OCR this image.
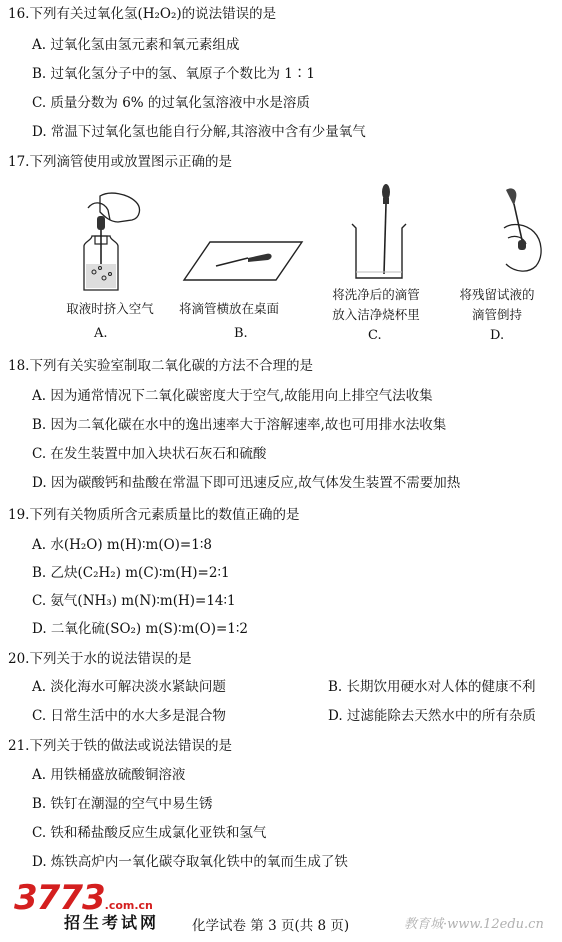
16.下列有关过氧化氢(H₂O₂)的说法错误的是
A. 过氧化氢由氢元素和氧元素组成
B. 过氧化氢分子中的氢、氧原子个数比为 1∶1
C. 质量分数为 6% 的过氧化氢溶液中水是溶质
D. 常温下过氧化氢也能自行分解,其溶液中含有少量氧气
17.下列滴管使用或放置图示正确的是
取液时挤入空气
A.
将滴管横放在桌面
B.
将洗净后的滴管
放入洁净烧杯里
C.
将残留试液的
滴管倒持
D.
18.下列有关实验室制取二氧化碳的方法不合理的是
A. 因为通常情况下二氧化碳密度大于空气,故能用向上排空气法收集
B. 因为二氧化碳在水中的逸出速率大于溶解速率,故也可用排水法收集
C. 在发生装置中加入块状石灰石和硫酸
D. 因为碳酸钙和盐酸在常温下即可迅速反应,故气体发生装置不需要加热
19.下列有关物质所含元素质量比的数值正确的是
A. 水(H₂O) m(H)∶m(O)=1∶8
B. 乙炔(C₂H₂) m(C)∶m(H)=2∶1
C. 氨气(NH₃) m(N)∶m(H)=14∶1
D. 二氧化硫(SO₂) m(S)∶m(O)=1∶2
20.下列关于水的说法错误的是
A. 淡化海水可解决淡水紧缺问题	B. 长期饮用硬水对人体的健康不利
C. 日常生活中的水大多是混合物	D. 过滤能除去天然水中的所有杂质
21.下列关于铁的做法或说法错误的是
A. 用铁桶盛放硫酸铜溶液
B. 铁钉在潮湿的空气中易生锈
C. 铁和稀盐酸反应生成氯化亚铁和氢气
D. 炼铁高炉内一氧化碳夺取氧化铁中的氧而生成了铁
3773.com.cn
招生考试网 化学试卷 第 3 页(共 8 页)	教育城·www.12edu.cn
